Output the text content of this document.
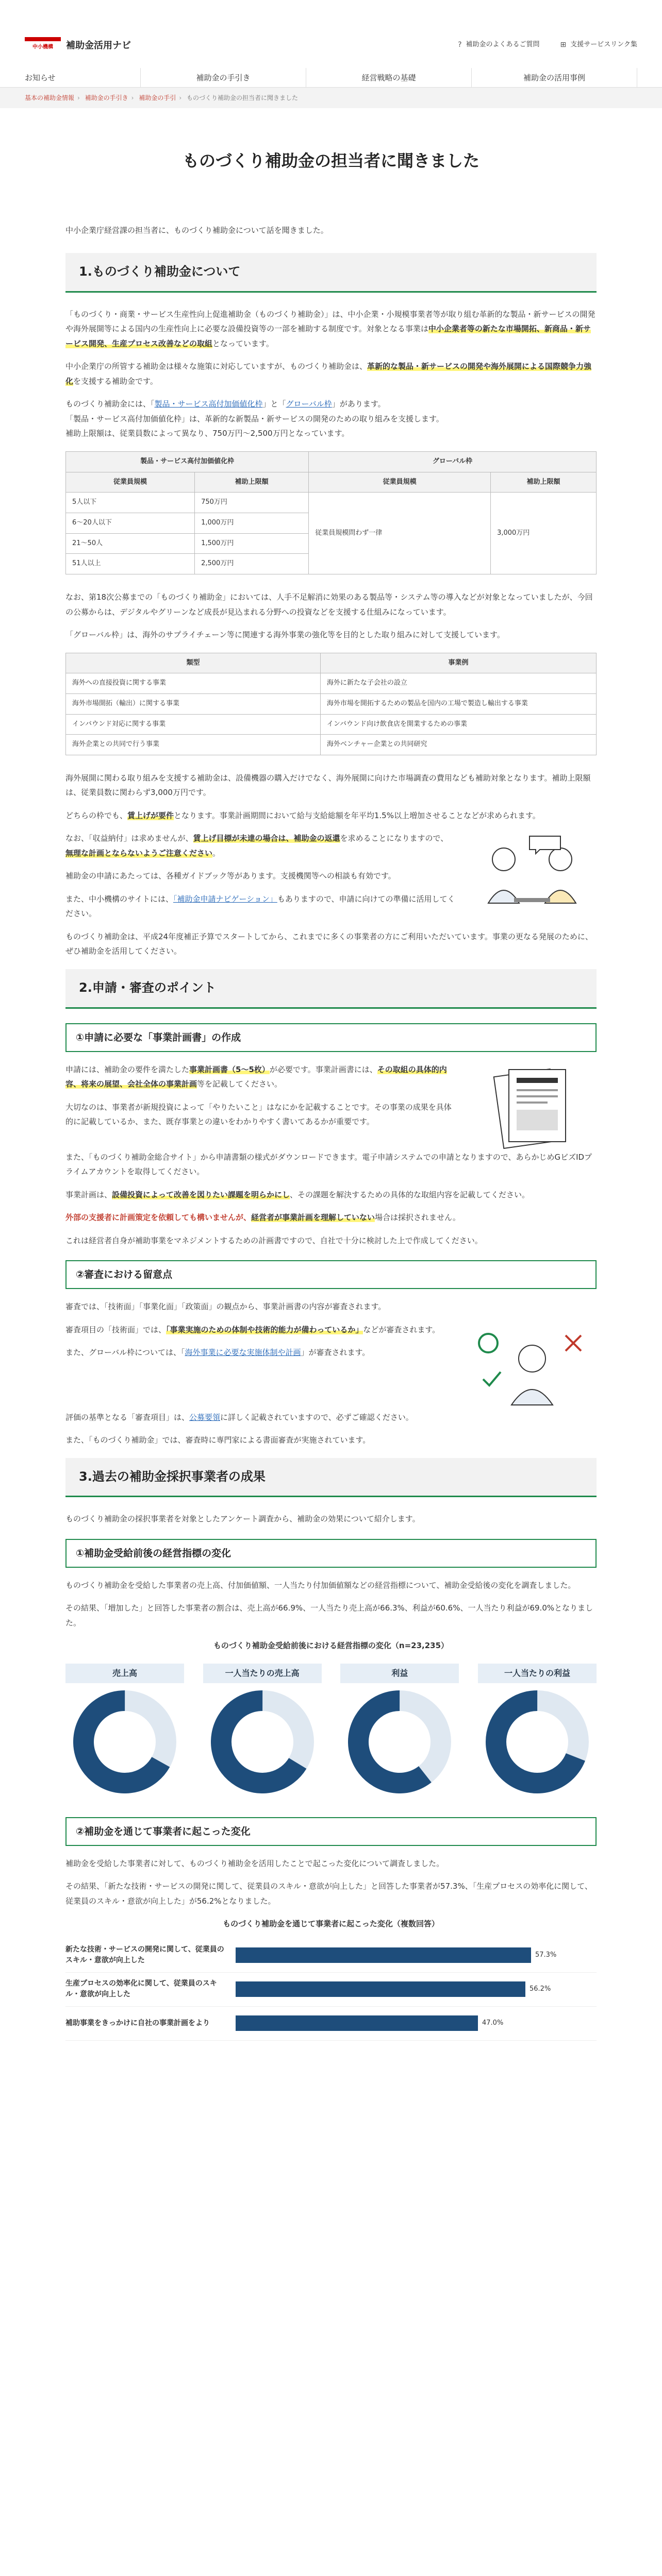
中小機構	補助金活用ナビ	? 補助金のよくあるご質問	⊞ 支援サービスリンク集
お知らせ	補助金の手引き	経営戦略の基礎	補助金の活用事例
基本の補助金情報 › 補助金の手引き › 補助金の手引 › ものづくり補助金の担当者に聞きました
ものづくり補助金の担当者に聞きました

中小企業庁経営課の担当者に、ものづくり補助金について話を聞きました。

1.ものづくり補助金について

「ものづくり・商業・サービス生産性向上促進補助金（ものづくり補助金）」は、中小企業・小規模事業者等が取り組む革新的な製品・新サービスの開発や海外展開等による国内の生産性向上に必要な設備投資等の一部を補助する制度です。対象となる事業は中小企業者等の新たな市場開拓、新商品・新サービス開発、生産プロセス改善などの取組となっています。

中小企業庁の所管する補助金は様々な施策に対応していますが、ものづくり補助金は、革新的な製品・新サービスの開発や海外展開による国際競争力強化を支援する補助金です。

ものづくり補助金には、「製品・サービス高付加価値化枠」と「グローバル枠」があります。
「製品・サービス高付加価値化枠」は、革新的な新製品・新サービスの開発のための取り組みを支援します。
補助上限額は、従業員数によって異なり、750万円〜2,500万円となっています。

製品・サービス高付加価値化枠		グローバル枠	
従業員規模	補助上限額	従業員規模	補助上限額
5人以下	750万円	従業員規模問わず一律	3,000万円
6〜20人以下	1,000万円		
21〜50人	1,500万円		
51人以上	2,500万円		

なお、第18次公募までの「ものづくり補助金」においては、人手不足解消に効果のある製品等・システム等の導入などが対象となっていましたが、今回の公募からは、デジタルやグリーンなど成長が見込まれる分野への投資などを支援する仕組みになっています。

「グローバル枠」は、海外のサプライチェーン等に関連する海外事業の強化等を目的とした取り組みに対して支援しています。

類型	事業例
海外への直接投資に関する事業	海外に新たな子会社の設立
海外市場開拓（輸出）に関する事業	海外市場を開拓するための製品を国内の工場で製造し輸出する事業
インバウンド対応に関する事業	インバウンド向け飲食店を開業するための事業
海外企業との共同で行う事業	海外ベンチャー企業との共同研究

海外展開に関わる取り組みを支援する補助金は、設備機器の購入だけでなく、海外展開に向けた市場調査の費用なども補助対象となります。補助上限額は、従業員数に関わらず3,000万円です。

どちらの枠でも、賃上げが要件となります。事業計画期間において給与支給総額を年平均1.5%以上増加させることなどが求められます。

なお、「収益納付」は求めませんが、賃上げ目標が未達の場合は、補助金の返還を求めることになりますので、無理な計画とならないようご注意ください。

補助金の申請にあたっては、各種ガイドブック等があります。支援機関等への相談も有効です。

また、中小機構のサイトには、「補助金申請ナビゲーション」もありますので、申請に向けての準備に活用してください。

ものづくり補助金は、平成24年度補正予算でスタートしてから、これまでに多くの事業者の方にご利用いただいています。事業の更なる発展のために、ぜひ補助金を活用してください。

2.申請・審査のポイント
①申請に必要な「事業計画書」の作成

申請には、補助金の要件を満たした事業計画書（5〜5枚）が必要です。事業計画書には、その取組の具体的内容、将来の展望、会社全体の事業計画等を記載してください。

大切なのは、事業者が新規投資によって「やりたいこと」はなにかを記載することです。その事業の成果を具体的に記載しているか、また、既存事業との違いをわかりやすく書いてあるかが重要です。

また、「ものづくり補助金総合サイト」から申請書類の様式がダウンロードできます。電子申請システムでの申請となりますので、あらかじめGビズIDプライムアカウントを取得してください。

事業計画は、設備投資によって改善を図りたい課題を明らかにし、その課題を解決するための具体的な取組内容を記載してください。

外部の支援者に計画策定を依頼しても構いませんが、経営者が事業計画を理解していない場合は採択されません。

これは経営者自身が補助事業をマネジメントするための計画書ですので、自社で十分に検討した上で作成してください。

②審査における留意点

審査では、「技術面」「事業化面」「政策面」の観点から、事業計画書の内容が審査されます。

審査項目の「技術面」では、「事業実施のための体制や技術的能力が備わっているか」などが審査されます。

また、グローバル枠については、「海外事業に必要な実施体制や計画」が審査されます。

評価の基準となる「審査項目」は、公募要領に詳しく記載されていますので、必ずご確認ください。

また、「ものづくり補助金」では、審査時に専門家による書面審査が実施されています。

3.過去の補助金採択事業者の成果

ものづくり補助金の採択事業者を対象としたアンケート調査から、補助金の効果について紹介します。

①補助金受給前後の経営指標の変化

ものづくり補助金を受給した事業者の売上高、付加価値額、一人当たり付加価値額などの経営指標について、補助金受給後の変化を調査しました。

その結果、「増加した」と回答した事業者の割合は、売上高が66.9%、一人当たり売上高が66.3%、利益が60.6%、一人当たり利益が69.0%となりました。

ものづくり補助金受給前後における経営指標の変化（n=23,235）
売上高
増加した
66.9%
一人当たりの売上高
増加した
66.3%
利益
増加した
60.6%
一人当たりの利益
増加した
69.0%
②補助金を通じて事業者に起こった変化

補助金を受給した事業者に対して、ものづくり補助金を活用したことで起こった変化について調査しました。

その結果、「新たな技術・サービスの開発に関して、従業員のスキル・意欲が向上した」と回答した事業者が57.3%、「生産プロセスの効率化に関して、従業員のスキル・意欲が向上した」が56.2%となりました。

ものづくり補助金を通じて事業者に起こった変化（複数回答）
新たな技術・サービスの開発に関して、従業員のスキル・意欲が向上した
57.3%
生産プロセスの効率化に関して、従業員のスキル・意欲が向上した
56.2%
補助事業をきっかけに自社の事業計画をより	47.0%
